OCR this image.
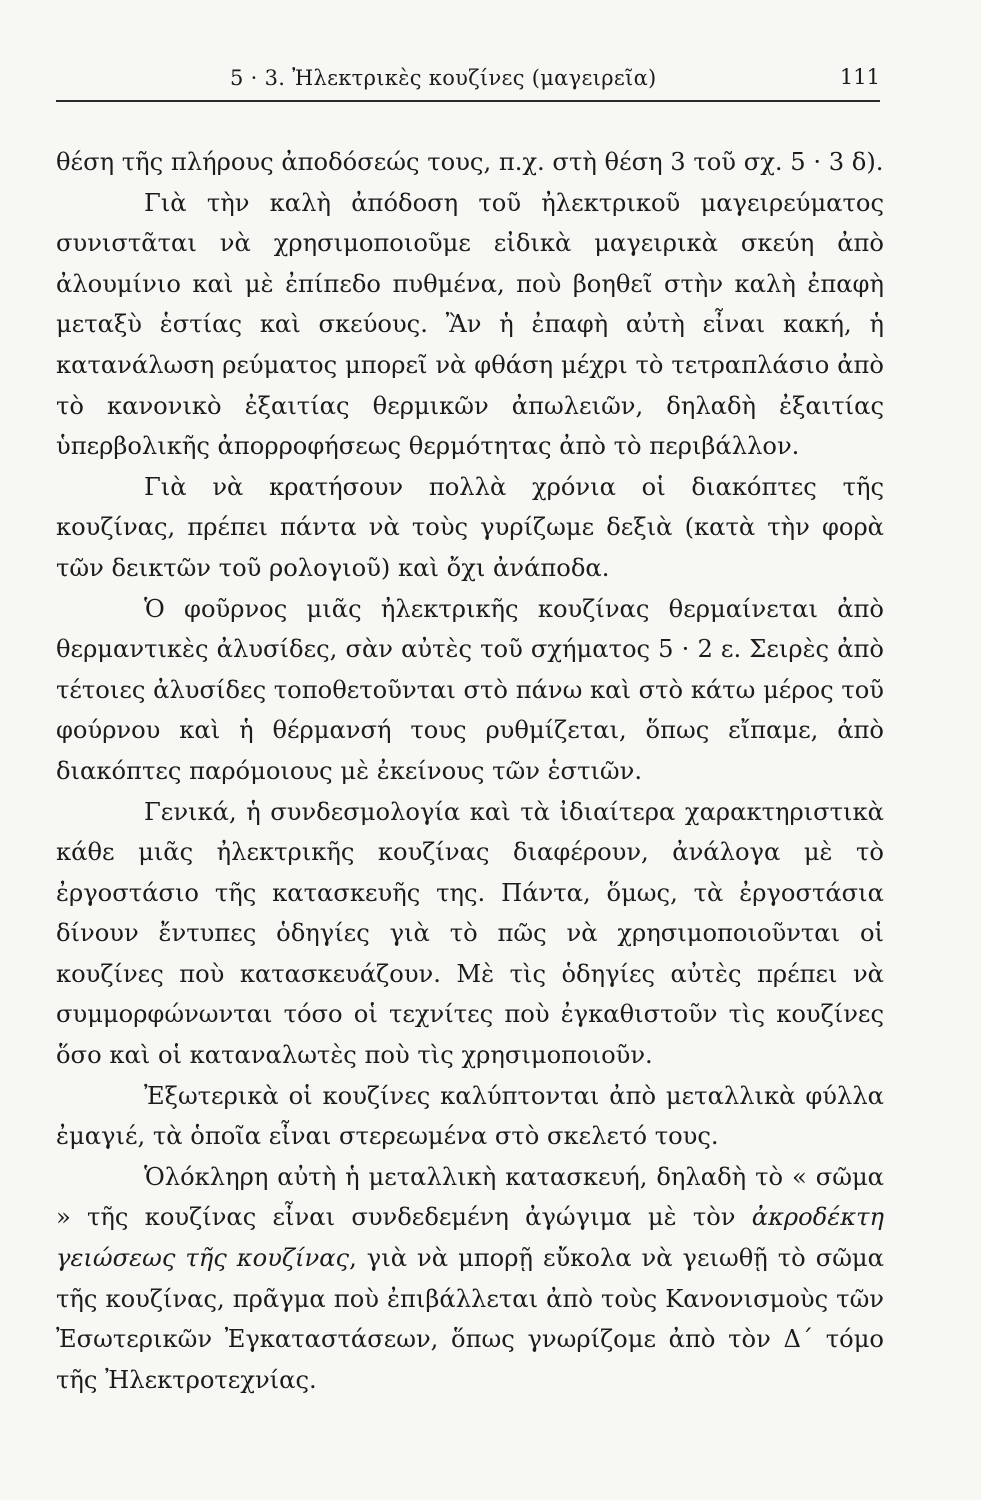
5 · 3. Ἠλεκτρικὲς κουζίνες (μαγειρεῖα)	111

θέση τῆς πλήρους ἀποδόσεώς τους, π.χ. στὴ θέση 3 τοῦ σχ. 5 · 3 δ).

Γιὰ τὴν καλὴ ἀπόδοση τοῦ ἠλεκτρικοῦ μαγειρεύματος συνιστᾶται νὰ χρησιμοποιοῦμε εἰδικὰ μαγειρικὰ σκεύη ἀπὸ ἀλουμίνιο καὶ μὲ ἐπίπεδο πυθμένα, ποὺ βοηθεῖ στὴν καλὴ ἐπαφὴ μεταξὺ ἑστίας καὶ σκεύους. Ἂν ἡ ἐπαφὴ αὐτὴ εἶναι κακή, ἡ κατανάλωση ρεύματος μπορεῖ νὰ φθάση μέχρι τὸ τετραπλάσιο ἀπὸ τὸ κανονικὸ ἐξαιτίας θερμικῶν ἀπωλειῶν, δηλαδὴ ἐξαιτίας ὑπερβολικῆς ἀπορροφήσεως θερμότητας ἀπὸ τὸ περιβάλλον.

Γιὰ νὰ κρατήσουν πολλὰ χρόνια οἱ διακόπτες τῆς κουζίνας, πρέπει πάντα νὰ τοὺς γυρίζωμε δεξιὰ (κατὰ τὴν φορὰ τῶν δεικτῶν τοῦ ρολογιοῦ) καὶ ὄχι ἀνάποδα.

Ὁ φοῦρνος μιᾶς ἠλεκτρικῆς κουζίνας θερμαίνεται ἀπὸ θερμαντικὲς ἀλυσίδες, σὰν αὐτὲς τοῦ σχήματος 5 · 2 ε. Σειρὲς ἀπὸ τέτοιες ἀλυσίδες τοποθετοῦνται στὸ πάνω καὶ στὸ κάτω μέρος τοῦ φούρνου καὶ ἡ θέρμανσή τους ρυθμίζεται, ὅπως εἴπαμε, ἀπὸ διακόπτες παρόμοιους μὲ ἐκείνους τῶν ἑστιῶν.

Γενικά, ἡ συνδεσμολογία καὶ τὰ ἰδιαίτερα χαρακτηριστικὰ κάθε μιᾶς ἠλεκτρικῆς κουζίνας διαφέρουν, ἀνάλογα μὲ τὸ ἐργοστάσιο τῆς κατασκευῆς της. Πάντα, ὅμως, τὰ ἐργοστάσια δίνουν ἔντυπες ὁδηγίες γιὰ τὸ πῶς νὰ χρησιμοποιοῦνται οἱ κουζίνες ποὺ κατασκευάζουν. Μὲ τὶς ὁδηγίες αὐτὲς πρέπει νὰ συμμορφώνωνται τόσο οἱ τεχνίτες ποὺ ἐγκαθιστοῦν τὶς κουζίνες ὅσο καὶ οἱ καταναλωτὲς ποὺ τὶς χρησιμοποιοῦν.

Ἐξωτερικὰ οἱ κουζίνες καλύπτονται ἀπὸ μεταλλικὰ φύλλα ἐμαγιέ, τὰ ὁποῖα εἶναι στερεωμένα στὸ σκελετό τους.

Ὁλόκληρη αὐτὴ ἡ μεταλλικὴ κατασκευή, δηλαδὴ τὸ « σῶμα » τῆς κουζίνας εἶναι συνδεδεμένη ἀγώγιμα μὲ τὸν ἀκροδέκτη γειώσεως τῆς κουζίνας, γιὰ νὰ μπορῇ εὔκολα νὰ γειωθῇ τὸ σῶμα τῆς κουζίνας, πρᾶγμα ποὺ ἐπιβάλλεται ἀπὸ τοὺς Κανονισμοὺς τῶν Ἐσωτερικῶν Ἐγκαταστάσεων, ὅπως γνωρίζομε ἀπὸ τὸν Δ΄ τόμο τῆς Ἠλεκτροτεχνίας.
